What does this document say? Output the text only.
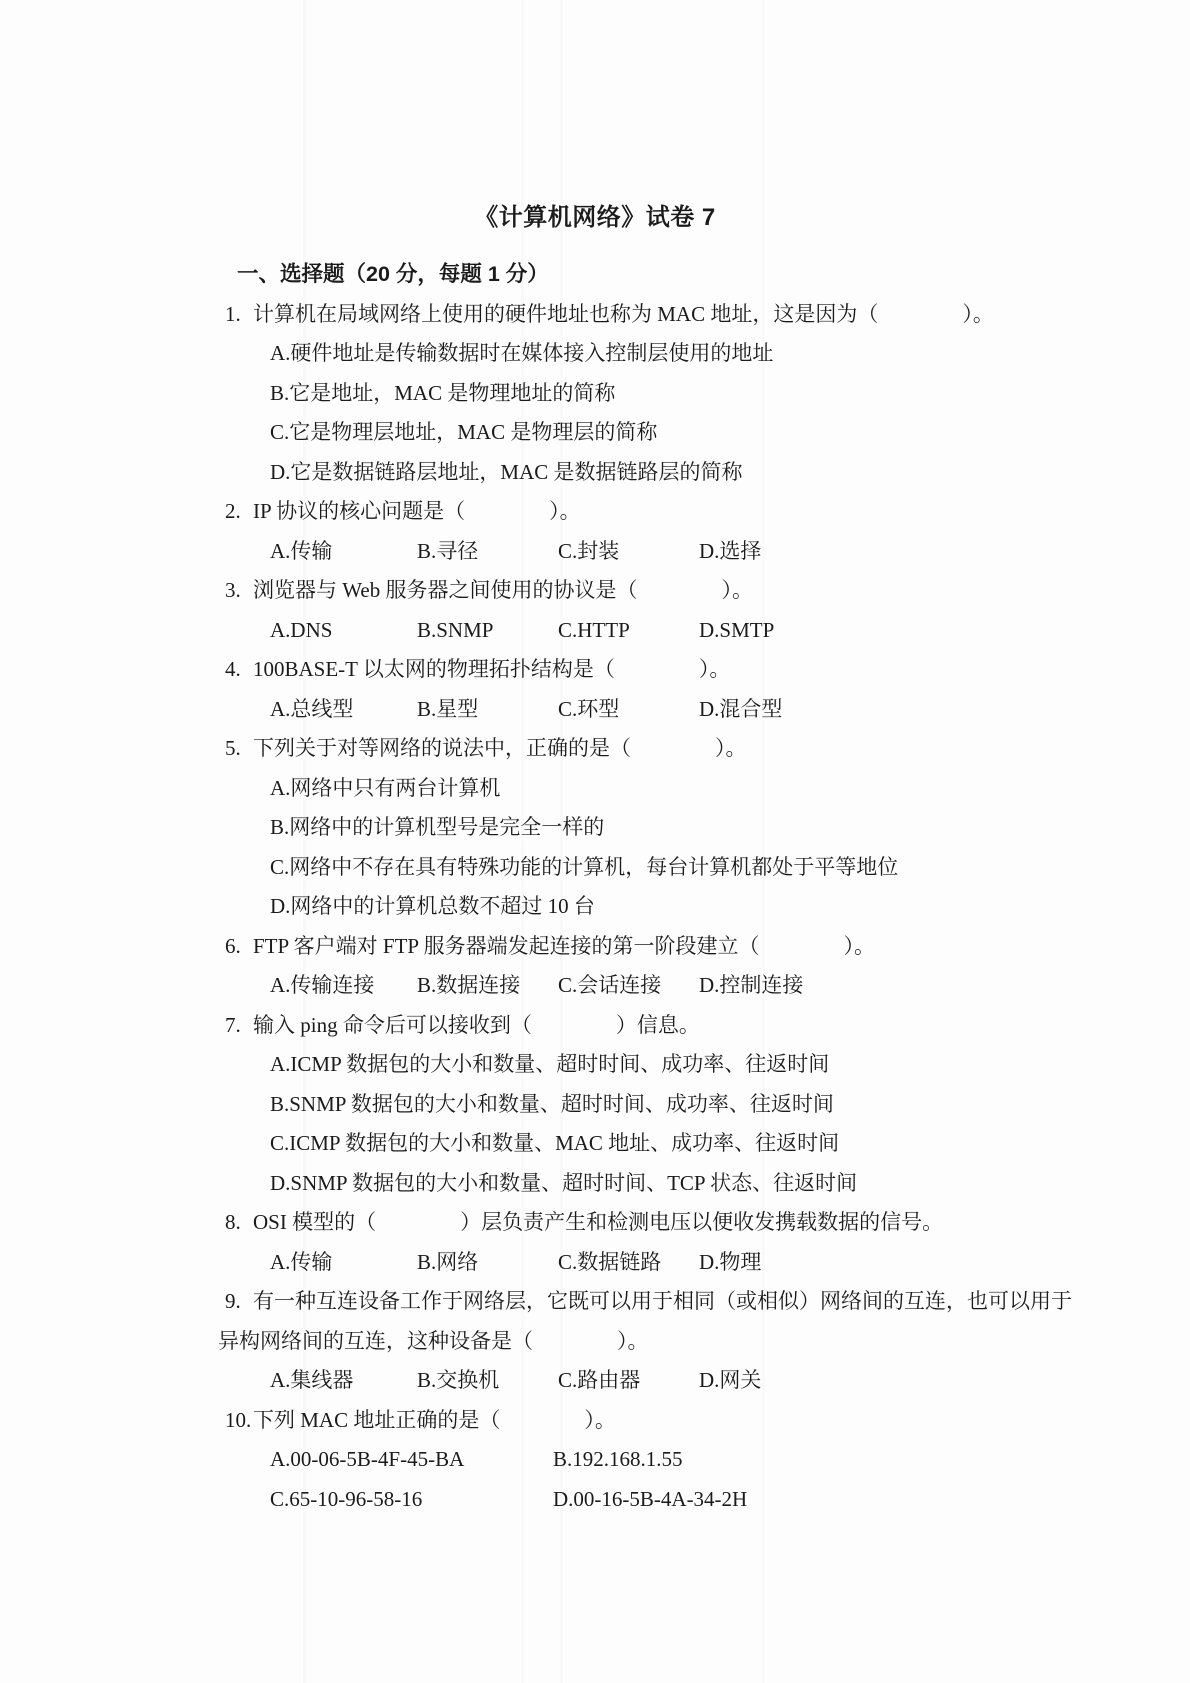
《计算机网络》试卷 7
一、选择题（20 分，每题 1 分）
1. 计算机在局域网络上使用的硬件地址也称为 MAC 地址，这是因为（　　　　）。
A.硬件地址是传输数据时在媒体接入控制层使用的地址
B.它是地址，MAC 是物理地址的简称
C.它是物理层地址，MAC 是物理层的简称
D.它是数据链路层地址，MAC 是数据链路层的简称
2. IP 协议的核心问题是（　　　　）。
A.传输	B.寻径	C.封装	D.选择
3. 浏览器与 Web 服务器之间使用的协议是（　　　　）。
A.DNS	B.SNMP	C.HTTP	D.SMTP
4. 100BASE-T 以太网的物理拓扑结构是（　　　　）。
A.总线型	B.星型	C.环型	D.混合型
5. 下列关于对等网络的说法中，正确的是（　　　　）。
A.网络中只有两台计算机
B.网络中的计算机型号是完全一样的
C.网络中不存在具有特殊功能的计算机，每台计算机都处于平等地位
D.网络中的计算机总数不超过 10 台
6. FTP 客户端对 FTP 服务器端发起连接的第一阶段建立（　　　　）。
A.传输连接	B.数据连接	C.会话连接	D.控制连接
7. 输入 ping 命令后可以接收到（　　　　）信息。
A.ICMP 数据包的大小和数量、超时时间、成功率、往返时间
B.SNMP 数据包的大小和数量、超时时间、成功率、往返时间
C.ICMP 数据包的大小和数量、MAC 地址、成功率、往返时间
D.SNMP 数据包的大小和数量、超时时间、TCP 状态、往返时间
8. OSI 模型的（　　　　）层负责产生和检测电压以便收发携载数据的信号。
A.传输	B.网络	C.数据链路	D.物理
9. 有一种互连设备工作于网络层，它既可以用于相同（或相似）网络间的互连，也可以用于
异构网络间的互连，这种设备是（　　　　）。
A.集线器	B.交换机	C.路由器	D.网关
10.下列 MAC 地址正确的是（　　　　）。
A.00-06-5B-4F-45-BA	B.192.168.1.55
C.65-10-96-58-16	D.00-16-5B-4A-34-2H
